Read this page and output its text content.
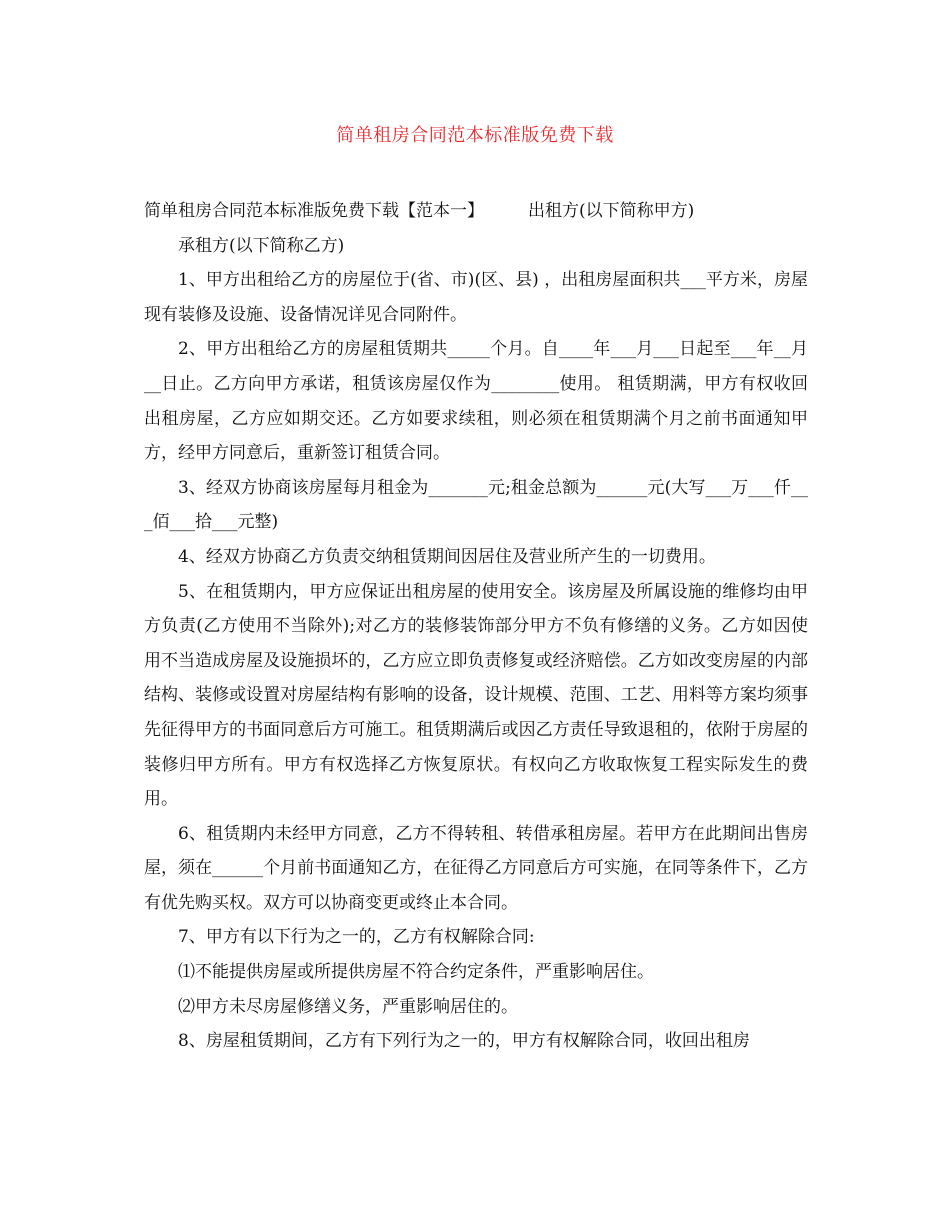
简单租房合同范本标准版免费下载

简单租房合同范本标准版免费下载【范本一】	出租方(以下简称甲方)

承租方(以下简称乙方)

1、甲方出租给乙方的房屋位于(省、市)(区、县) ，出租房屋面积共___平方米，房屋现有装修及设施、设备情况详见合同附件。

2、甲方出租给乙方的房屋租赁期共_____个月。自____年___月___日起至___年__月__日止。乙方向甲方承诺，租赁该房屋仅作为________使用。 租赁期满，甲方有权收回出租房屋，乙方应如期交还。乙方如要求续租，则必须在租赁期满个月之前书面通知甲方，经甲方同意后，重新签订租赁合同。

3、经双方协商该房屋每月租金为_______元;租金总额为______元(大写___万___仟___佰___拾___元整)

4、经双方协商乙方负责交纳租赁期间因居住及营业所产生的一切费用。

5、在租赁期内，甲方应保证出租房屋的使用安全。该房屋及所属设施的维修均由甲方负责(乙方使用不当除外);对乙方的装修装饰部分甲方不负有修缮的义务。乙方如因使用不当造成房屋及设施损坏的，乙方应立即负责修复或经济赔偿。乙方如改变房屋的内部结构、装修或设置对房屋结构有影响的设备，设计规模、范围、工艺、用料等方案均须事先征得甲方的书面同意后方可施工。租赁期满后或因乙方责任导致退租的，依附于房屋的装修归甲方所有。甲方有权选择乙方恢复原状。有权向乙方收取恢复工程实际发生的费用。

6、租赁期内未经甲方同意，乙方不得转租、转借承租房屋。若甲方在此期间出售房屋，须在______个月前书面通知乙方，在征得乙方同意后方可实施，在同等条件下，乙方有优先购买权。双方可以协商变更或终止本合同。

7、甲方有以下行为之一的，乙方有权解除合同:

⑴不能提供房屋或所提供房屋不符合约定条件，严重影响居住。

⑵甲方未尽房屋修缮义务，严重影响居住的。

8、房屋租赁期间，乙方有下列行为之一的，甲方有权解除合同，收回出租房
